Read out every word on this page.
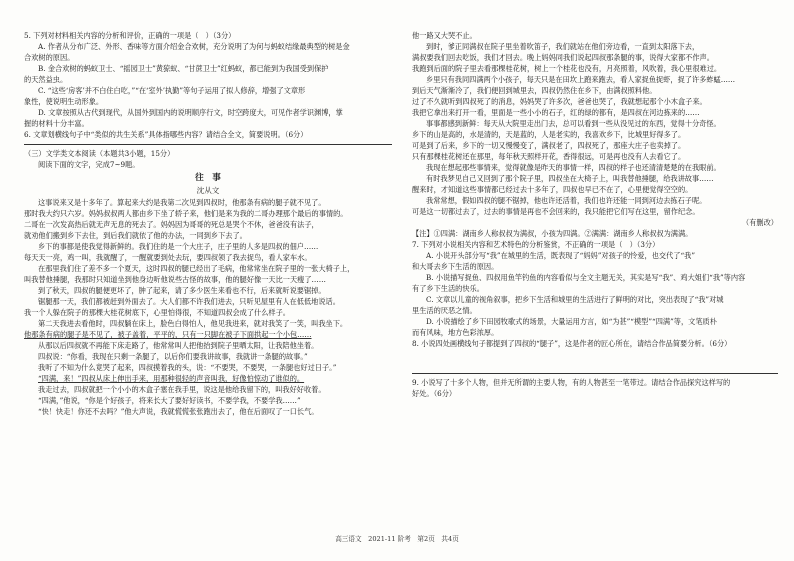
5. 下列对材料相关内容的分析和评价，正确的一项是（　）（3分）

A. 作者从分布广泛、外形、香味等方面介绍金合欢树，充分说明了为何与蚂蚁结缘最典型的树是金

合欢树的原因。

B. 金合欢树的蚂蚁卫士、“摇园卫士”黄猄蚁、“甘蔗卫士”红蚂蚁，都已能到为我国受到保护

的天然益虫。

C. “这些‘房客’并不白住白吃，”“在‘室外’执勤”等句子运用了拟人修辞，增强了文章形

象性，使说明生动形象。

D. 文章按照从古代到现代，从国外到国内的说明顺序行文，时空跨度大，可见作者学识渊博，掌

握的材料十分丰富。

6. 文章划横线句子中“类似的共生关系”具体指哪些内容？请结合全文，简要说明。（6分）

（三）文学类文本阅读（本题共3小题，15分）

阅读下面的文字，完成7~9题。

往　事

沈从文

这事说来又是十多年了。算起来大约是我第二次见到四叔时，他那条有病的腿子就不见了。

那时我大约只六岁。妈妈叔叔两人都由乡下坐了轿子来，他们是来为我的二哥办理那个最后的事情的。

二哥在一次发高热后就无声无息的死去了。妈妈因为哥哥的死总是哭个不休，爸爸没有法子，

就劝他们搬到乡下去住，到后我们就依了他的办法，一同到乡下去了。

乡下的事都是使我觉得新鲜的。我们住的是一个大庄子，庄子里的人多是四叔的佃户……

每天天一亮，鸡一叫，我就醒了，一醒就要到处去玩，要四叔领了我去捉鸟，看人家车水。

在那里我们住了差不多一个夏天，这时四叔的腿已经出了毛病，他常常坐在院子里的一张大椅子上，

叫我替他捶腿，我那时只知道坐到他身边听他说些古怪的故事，他的腿好像一天比一天瘦了……

到了秋天，四叔的腿便更坏了，肿了起来，请了多少医生来看也不行，后来就听说要锯掉。

锯腿那一天，我们都被赶到外面去了。大人们都不许我们进去，只听见屋里有人在低低地说话。

我一个人躲在院子的那棵大桂花树底下，心里怕得很，不知道四叔会成了什么样子。

第二天我进去看他时，四叔躺在床上，脸色白得怕人，他见我进来，就对我笑了一笑，叫我坐下。

他那条有病的腿子是不见了，被子盖着，平平的，只有一只脚在被子下面拱起一个小包……

从那以后四叔就不再能下床走路了，他常常叫人把他抬到院子里晒太阳，让我陪他坐着。

四叔说：“你看，我现在只剩一条腿了，以后你们要我讲故事，我就讲一条腿的故事。”

我听了不知为什么竟哭了起来，四叔摸着我的头，说：“不要哭，不要哭，一条腿也好过日子。”

“四满，来！”四叔从床上伸出手来，用那种很轻的声音叫我，好像怕惊动了谁似的。

我走过去，四叔就把一个小小的木盒子塞在我手里，说这是他给我留下的，叫我好好收着。

“四满，”他说，“你是个好孩子，将来长大了要好好读书，不要学我，不要学我……”

“快！快走！你还不去吗？”他大声说，我就慌慌张张跑出去了，他在后面叹了一口长气。

他一路又大哭不止。

到时，爹正同满叔在院子里坐着吹笛子，我们就站在他们旁边看，一直到太阳落下去，

满叔要我们回去吃饭，我们才回去。晚上妈妈同我们说起四叔那条腿的事，说得大家都不作声。

我跑到后面的院子里去看那棵桂花树，树上一个桂花也没有，月亮照着，风吹着，我心里很难过。

乡里只有我同四满两个小孩子，每天只是在田坎上跑来跑去，看人家捉鱼捉虾，捉了许多蚱蜢……

到后天气渐渐冷了，我们便回到城里去，四叔仍然住在乡下，由满叔照料他。

过了不久就听到四叔死了的消息，妈妈哭了许多次，爸爸也哭了，我就想起那个小木盒子来。

我把它拿出来打开一看，里面是一些小小的石子，红的绿的都有，是四叔在河边拣来的……

事事都感到新鲜：每天从大院里走出门去，总可以看到一些从没见过的东西，觉得十分奇怪。

乡下的山是高的，水是清的，天是蓝的，人是老实的，我喜欢乡下，比城里好得多了。

可是到了后来，乡下的一切又慢慢变了，满叔老了，四叔死了，那座大庄子也卖掉了。

只有那棵桂花树还在那里，每年秋天照样开花，香得很远，可是再也没有人去看它了。

我现在想起那些事情来，觉得就像是昨天的事情一样，四叔的样子也还清清楚楚的在我眼前。

有时我梦见自己又回到了那个院子里，四叔坐在大椅子上，叫我替他捶腿，给我讲故事……

醒来时，才知道这些事情都已经过去十多年了，四叔也早已不在了，心里便觉得空空的。

我常常想，假如四叔的腿不锯掉，他也许还活着，我们也许还能一同到河边去拣石子呢。

可是这一切都过去了，过去的事情是再也不会回来的，我只能把它们写在这里，留作纪念。

（有删改）

【注】①四满：湖南乡人称叔叔为满叔，小孩为四满。②满满：湖南乡人称叔叔为满满。

7. 下列对小说相关内容和艺术特色的分析鉴赏，不正确的一项是（　）（3分）

A. 小说开头部分写“我”在城里的生活，既表现了“妈妈”对孩子的怜爱，也交代了“我”

和大哥去乡下生活的原因。

B. 小说描写捉鱼、四叔用鱼竿钓鱼的内容看似与全文主题无关，其实是写“我”、鸡大姐们“我”等内容

有了乡下生活的快乐。

C. 文章以儿童的视角叙事，把乡下生活和城里的生活进行了鲜明的对比，突出表现了“我”对城

里生活的厌恶之情。

D. 小说描绘了乡下田园牧歌式的场景，大量运用方言，如“为甚”“模型”“四满”等，文笔质朴

而有风味，地方色彩浓厚。

8. 小说四处画横线句子都提到了四叔的“腿子”，这是作者的匠心所在，请结合作品简要分析。（6分）

9. 小说写了十多个人物，但并无所谓的主要人物，有的人物甚至一笔带过。请结合作品探究这样写的

好处。（6分）

高三语文　2021-11 阶考　第2页　共4页
